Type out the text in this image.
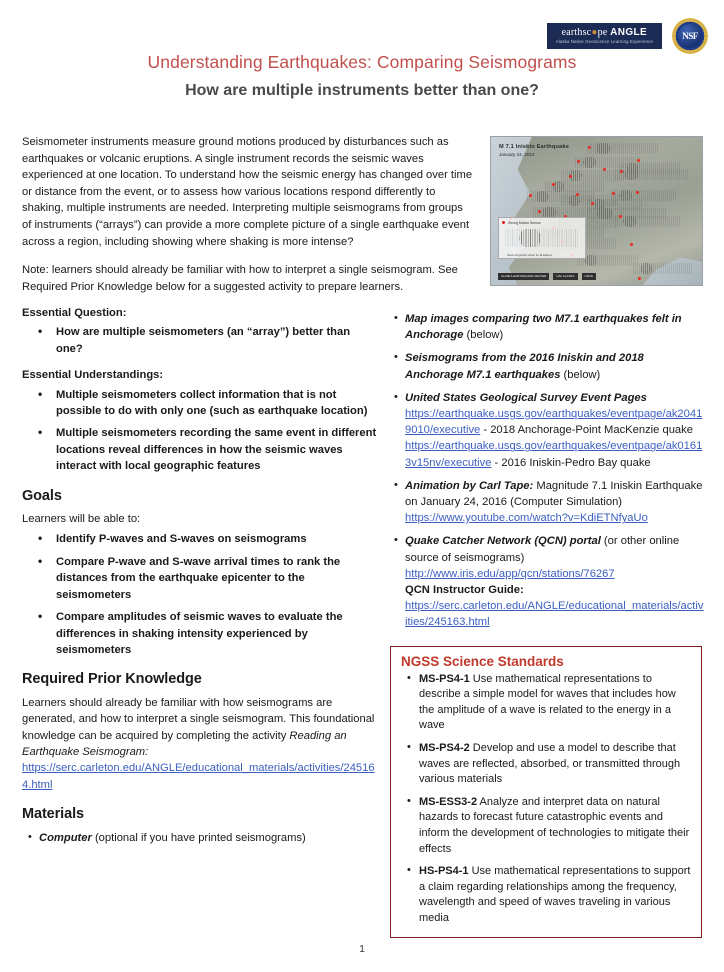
earthsc●pe ANGLE
Alaska Native Geoscience Learning Experience
NSF
Understanding Earthquakes: Comparing Seismograms
How are multiple instruments better than one?

Seismometer instruments measure ground motions produced by disturbances such as earthquakes or volcanic eruptions. A single instrument records the seismic waves experienced at one location. To understand how the seismic energy has changed over time or distance from the event, or to assess how various locations respond differently to shaking, multiple instruments are needed. Interpreting multiple seismograms from groups of instruments (“arrays”) can provide a more complete picture of a single earthquake event across a region, including showing where shaking is more intense?

Note: learners should already be familiar with how to interpret a single seismogram. See Required Prior Knowledge below for a suggested activity to prepare learners.

M 7.1 Iniskin Earthquake
January 24, 2016
Strong Motion Sensor
North component shown for all stations
ALASKA EARTHQUAKE CENTER	UAF ALASKA	USGS
Essential Question:
• How are multiple seismometers (an “array”) better than one?
Essential Understandings:
• Multiple seismometers collect information that is not possible to do with only one (such as earthquake location)
• Multiple seismometers recording the same event in different locations reveal differences in how the seismic waves interact with local geographic features
Goals
Learners will be able to:
• Identify P-waves and S-waves on seismograms
• Compare P-wave and S-wave arrival times to rank the distances from the earthquake epicenter to the seismometers
• Compare amplitudes of seismic waves to evaluate the differences in shaking intensity experienced by seismometers
Required Prior Knowledge
Learners should already be familiar with how seismograms are generated, and how to interpret a single seismogram. This foundational knowledge can be acquired by completing the activity Reading an Earthquake Seismogram:
https://serc.carleton.edu/ANGLE/educational_materials/activities/245164.html
Materials
• Computer (optional if you have printed seismograms)
• Map images comparing two M7.1 earthquakes felt in Anchorage (below)
• Seismograms from the 2016 Iniskin and 2018 Anchorage M7.1 earthquakes (below)
• United States Geological Survey Event Pages
https://earthquake.usgs.gov/earthquakes/eventpage/ak20419010/executive - 2018 Anchorage-Point MacKenzie quake
https://earthquake.usgs.gov/earthquakes/eventpage/ak01613v15nv/executive - 2016 Iniskin-Pedro Bay quake
• Animation by Carl Tape: Magnitude 7.1 Iniskin Earthquake on January 24, 2016 (Computer Simulation)
https://www.youtube.com/watch?v=KdiETNfyaUo
• Quake Catcher Network (QCN) portal (or other online source of seismograms)
http://www.iris.edu/app/qcn/stations/76267
QCN Instructor Guide:
https://serc.carleton.edu/ANGLE/educational_materials/activities/245163.html
NGSS Science Standards
• MS-PS4-1 Use mathematical representations to describe a simple model for waves that includes how the amplitude of a wave is related to the energy in a wave
• MS-PS4-2 Develop and use a model to describe that waves are reflected, absorbed, or transmitted through various materials
• MS-ESS3-2 Analyze and interpret data on natural hazards to forecast future catastrophic events and inform the development of technologies to mitigate their effects
• HS-PS4-1 Use mathematical representations to support a claim regarding relationships among the frequency, wavelength and speed of waves traveling in various media
1
